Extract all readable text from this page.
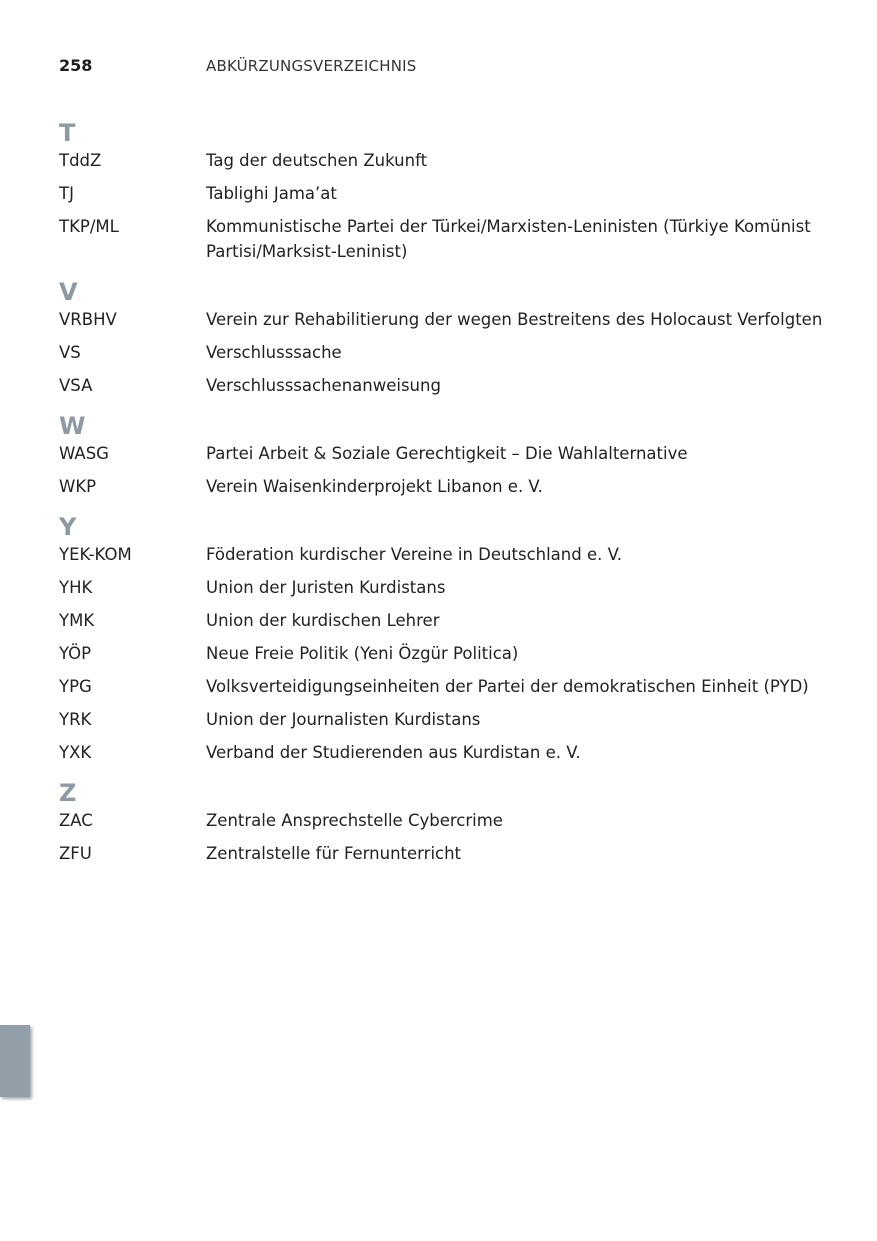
258	ABKÜRZUNGSVERZEICHNIS
T
TddZ	Tag der deutschen Zukunft
TJ	Tablighi Jama’at
TKP/ML	Kommunistische Partei der Türkei/Marxisten-Leninisten (Türkiye Komünist Partisi/Marksist-Leninist)
V
VRBHV	Verein zur Rehabilitierung der wegen Bestreitens des Holocaust Verfolgten
VS	Verschlusssache
VSA	Verschlusssachenanweisung
W
WASG	Partei Arbeit & Soziale Gerechtigkeit – Die Wahlalternative
WKP	Verein Waisenkinderprojekt Libanon e. V.
Y
YEK-KOM	Föderation kurdischer Vereine in Deutschland e. V.
YHK	Union der Juristen Kurdistans
YMK	Union der kurdischen Lehrer
YÖP	Neue Freie Politik (Yeni Özgür Politica)
YPG	Volksverteidigungseinheiten der Partei der demokratischen Einheit (PYD)
YRK	Union der Journalisten Kurdistans
YXK	Verband der Studierenden aus Kurdistan e. V.
Z
ZAC	Zentrale Ansprechstelle Cybercrime
ZFU	Zentralstelle für Fernunterricht
